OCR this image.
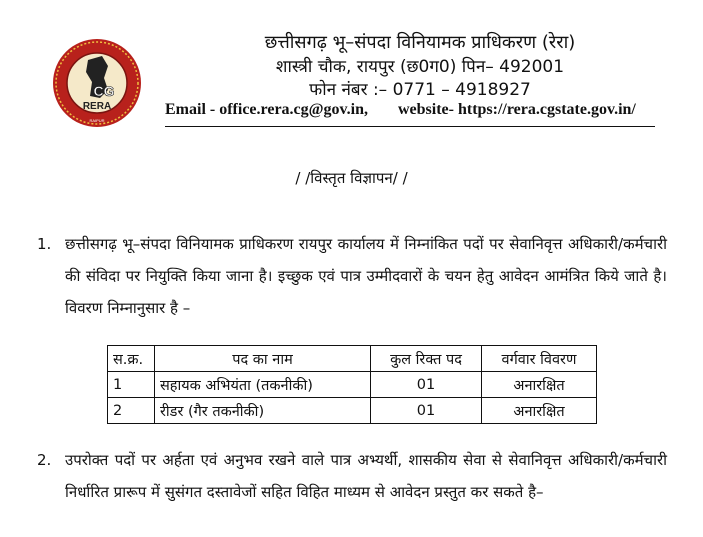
CG
RERA
RAIPUR
छत्तीसगढ़ भू–संपदा विनियामक प्राधिकरण (रेरा)
शास्त्री चौक, रायपुर (छ0ग0) पिन– 492001
फोन नंबर :– 0771 – 4918927
Email - office.rera.cg@gov.in, website- https://rera.cgstate.gov.in/
/ /विस्तृत विज्ञापन/ /
1. छत्तीसगढ़ भू–संपदा विनियामक प्राधिकरण रायपुर कार्यालय में निम्नांकित पदों पर सेवानिवृत्त अधिकारी/कर्मचारी की संविदा पर नियुक्ति किया जाना है। इच्छुक एवं पात्र उम्मीदवारों के चयन हेतु आवेदन आमंत्रित किये जाते है। विवरण निम्नानुसार है –
स.क्र.	पद का नाम	कुल रिक्त पद	वर्गवार विवरण
1	सहायक अभियंता (तकनीकी)	01	अनारक्षित
2	रीडर (गैर तकनीकी)	01	अनारक्षित
2. उपरोक्त पदों पर अर्हता एवं अनुभव रखने वाले पात्र अभ्यर्थी, शासकीय सेवा से सेवानिवृत्त अधिकारी/कर्मचारी निर्धारित प्रारूप में सुसंगत दस्तावेजों सहित विहित माध्यम से आवेदन प्रस्तुत कर सकते है–
